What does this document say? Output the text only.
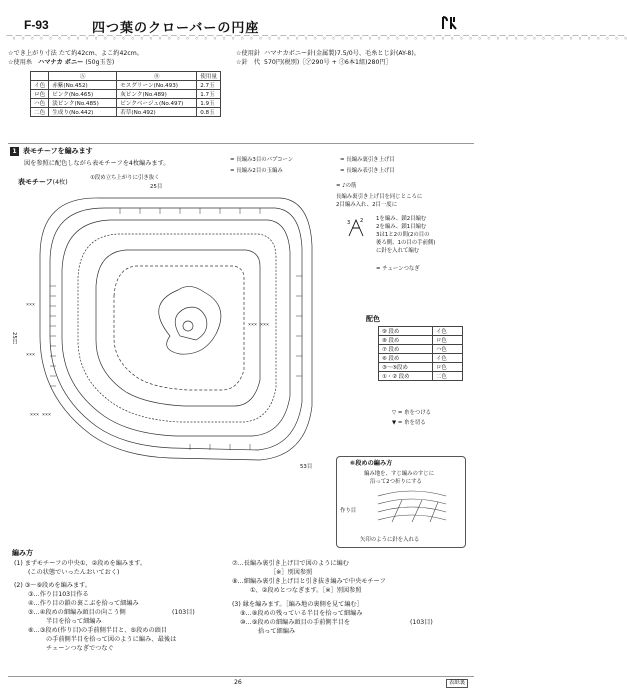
F-93	四つ葉のクローバーの円座
⌒◦⌒◦⌒◦⌒◦⌒◦⌒◦⌒◦⌒◦⌒◦⌒◦⌒◦⌒◦⌒◦⌒◦⌒◦⌒◦⌒◦⌒◦⌒◦⌒◦⌒◦⌒◦⌒◦⌒◦⌒◦⌒◦⌒◦⌒◦⌒◦⌒◦⌒◦⌒◦⌒◦⌒◦⌒◦⌒◦⌒◦⌒◦⌒◦⌒◦⌒◦⌒◦⌒◦⌒◦⌒◦⌒◦⌒◦⌒◦⌒◦⌒◦⌒◦⌒◦⌒◦⌒◦⌒◦⌒◦⌒◦⌒◦⌒◦⌒◦⌒◦⌒◦⌒◦⌒◦⌒◦⌒◦⌒◦⌒◦
☆でき上がり寸法 たて約42cm、よこ約42cm。
☆使用糸 ハマナカ ボニー (50g玉巻)
☆使用針 ハマナカボニー針(金属製)7.5/0号、毛糸とじ針(AY-8)。
☆針　代 570円(税別)［㋐290号 + ㋑6本1組)280円］
	Ⓐ	Ⓑ	使用量
イ色	赤紫(No.452)	モスグリーン(No.493)	2.7玉
ロ色	ピンク(No.465)	灰ピンク(No.489)	1.7玉
ハ色	淡ピンク(No.485)	ピンクベージュ(No.497)	1.9玉
二色	生成り(No.442)	若草(No.492)	0.8玉
1 表モチーフを編みます
図を参照に配色しながら表モチーフを4枚編みます。	= 長編み3目のパプコーン	= 長編み裏引き上げ目
= 長編み2目の玉編み	= 長編み表引き上げ目
= ♪の筋
長編み裏引き上げ目を同じところに
2目編み入れ、2目一度に
3 2 1を編み、鎖2目編む
2を編み、鎖1目編む
3は1と2の間(2の目の
後ろ側、1の目の手前側)
に針を入れて編む
= チェーンつなぎ
表モチーフ(4枚)
①段め立ち上がりに引き抜く
25目
53目
25目
×××
×××
××× ×××
××× ×××
配色
⑨ 段め	イ色
⑧ 段め	ロ色
⑦ 段め	ハ色
⑥ 段め	イ色
③～⑤段め	ロ色
①・② 段め	二色
▽ = 糸をつける
▼ = 糸を切る
⑥段めの編み方
編み地を、すじ編みのすじに
沿って2つ折りにする
作り目
矢印のように針を入れる
編み方
(1) まずモチーフの中央①、②段めを編みます。
(この状態でいったんおいておく)
(2) ③～⑨段めを編みます。
③…作り目103目作る
④…作り目の鎖の裏こぶを拾って細編み
⑤…④段めの細編み頭目の向こう側
半目を拾って細編み
(103目)
⑥…③段め(作り目)の手前側半目と、⑤段めの頭目
の手前側半目を拾って図のように編み、最後は
チェーンつなぎでつなぐ
⑦…長編み裏引き上げ目で図のように編む
［※］別図参照
⑧…細編み裏引き上げ目と引き抜き編みで中央モチーフ
①、②段めとつなぎます。［※］別図参照
(3) 縁を編みます。［編み地の裏側を見て編む］
⑨…⑧段めの残っている半目を拾って細編み
⑩…⑨段めの細編み頭目の手前側半目を
拾って細編み
(103目)
26	表紙裏
